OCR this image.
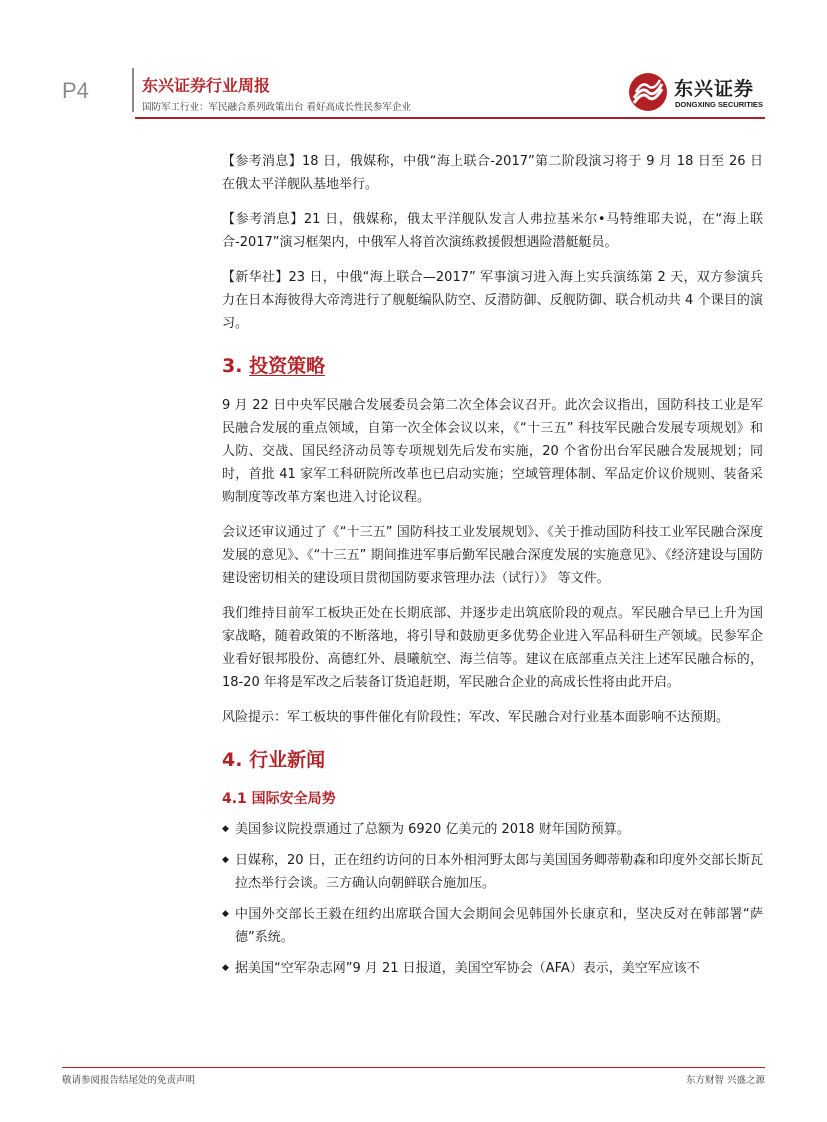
P4	东兴证券行业周报
国防军工行业：军民融合系列政策出台 看好高成长性民参军企业
东兴证券
DONGXING SECURITIES

【参考消息】18 日，俄媒称，中俄“海上联合-2017”第二阶段演习将于 9 月 18 日至 26 日在俄太平洋舰队基地举行。

【参考消息】21 日，俄媒称，俄太平洋舰队发言人弗拉基米尔•马特维耶夫说，在“海上联合-2017”演习框架内，中俄军人将首次演练救援假想遇险潜艇艇员。

【新华社】23 日，中俄“海上联合—2017” 军事演习进入海上实兵演练第 2 天，双方参演兵力在日本海彼得大帝湾进行了舰艇编队防空、反潜防御、反舰防御、联合机动共 4 个课目的演习。

3. 投资策略

9 月 22 日中央军民融合发展委员会第二次全体会议召开。此次会议指出，国防科技工业是军民融合发展的重点领域，自第一次全体会议以来，《“十三五” 科技军民融合发展专项规划》和人防、交战、国民经济动员等专项规划先后发布实施，20 个省份出台军民融合发展规划；同时，首批 41 家军工科研院所改革也已启动实施；空域管理体制、军品定价议价规则、装备采购制度等改革方案也进入讨论议程。

会议还审议通过了《“十三五” 国防科技工业发展规划》、《关于推动国防科技工业军民融合深度发展的意见》、《“十三五” 期间推进军事后勤军民融合深度发展的实施意见》、《经济建设与国防建设密切相关的建设项目贯彻国防要求管理办法（试行）》 等文件。

我们维持目前军工板块正处在长期底部、并逐步走出筑底阶段的观点。军民融合早已上升为国家战略，随着政策的不断落地，将引导和鼓励更多优势企业进入军品科研生产领域。民参军企业看好银邦股份、高德红外、晨曦航空、海兰信等。建议在底部重点关注上述军民融合标的，18-20 年将是军改之后装备订货追赶期，军民融合企业的高成长性将由此开启。

风险提示：军工板块的事件催化有阶段性；军改、军民融合对行业基本面影响不达预期。

4. 行业新闻
4.1 国际安全局势
◆ 美国参议院投票通过了总额为 6920 亿美元的 2018 财年国防预算。
◆ 日媒称，20 日，正在纽约访问的日本外相河野太郎与美国国务卿蒂勒森和印度外交部长斯瓦拉杰举行会谈。三方确认向朝鲜联合施加压。
◆ 中国外交部长王毅在纽约出席联合国大会期间会见韩国外长康京和，坚决反对在韩部署“萨德”系统。
◆ 据美国“空军杂志网”9 月 21 日报道，美国空军协会（AFA）表示，美空军应该不
敬请参阅报告结尾处的免责声明	东方财智 兴盛之源
